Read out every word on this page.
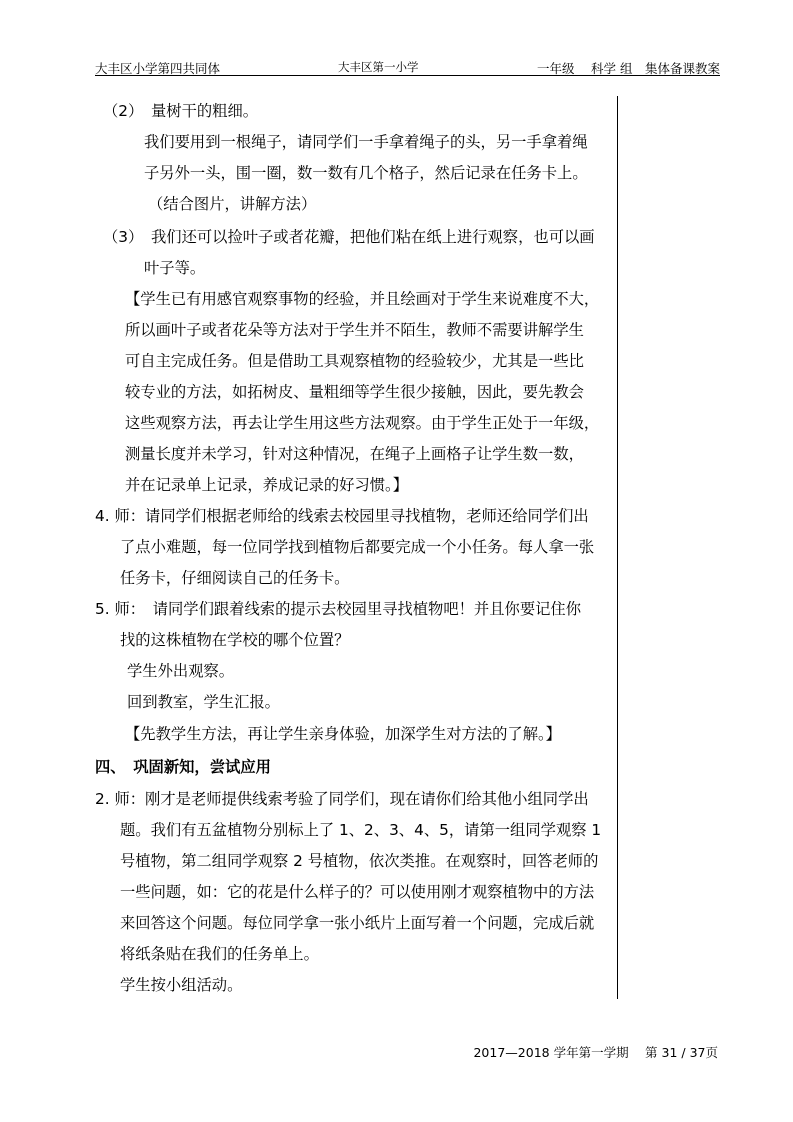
大丰区小学第四共同体	大丰区第一小学	一年级　 科学 组　集体备课教案
（2）　量树干的粗细。
我们要用到一根绳子，请同学们一手拿着绳子的头，另一手拿着绳
子另外一头，围一圈，数一数有几个格子，然后记录在任务卡上。
（结合图片，讲解方法）
（3）　我们还可以捡叶子或者花瓣，把他们粘在纸上进行观察，也可以画
叶子等。
【学生已有用感官观察事物的经验，并且绘画对于学生来说难度不大，
所以画叶子或者花朵等方法对于学生并不陌生，教师不需要讲解学生
可自主完成任务。但是借助工具观察植物的经验较少，尤其是一些比
较专业的方法，如拓树皮、量粗细等学生很少接触，因此，要先教会
这些观察方法，再去让学生用这些方法观察。由于学生正处于一年级，
测量长度并未学习，针对这种情况，在绳子上画格子让学生数一数，
并在记录单上记录，养成记录的好习惯。】
4. 师：请同学们根据老师给的线索去校园里寻找植物，老师还给同学们出
了点小难题，每一位同学找到植物后都要完成一个小任务。每人拿一张
任务卡，仔细阅读自己的任务卡。
5. 师：　请同学们跟着线索的提示去校园里寻找植物吧！并且你要记住你
找的这株植物在学校的哪个位置？
学生外出观察。
回到教室，学生汇报。
【先教学生方法，再让学生亲身体验，加深学生对方法的了解。】
四、　巩固新知，尝试应用
2. 师：刚才是老师提供线索考验了同学们，现在请你们给其他小组同学出
题。我们有五盆植物分别标上了 1、2、3、4、5，请第一组同学观察 1
号植物，第二组同学观察 2 号植物，依次类推。在观察时，回答老师的
一些问题，如：它的花是什么样子的？可以使用刚才观察植物中的方法
来回答这个问题。每位同学拿一张小纸片上面写着一个问题，完成后就
将纸条贴在我们的任务单上。
学生按小组活动。
2017—2018 学年第一学期　 第 31 / 37页
